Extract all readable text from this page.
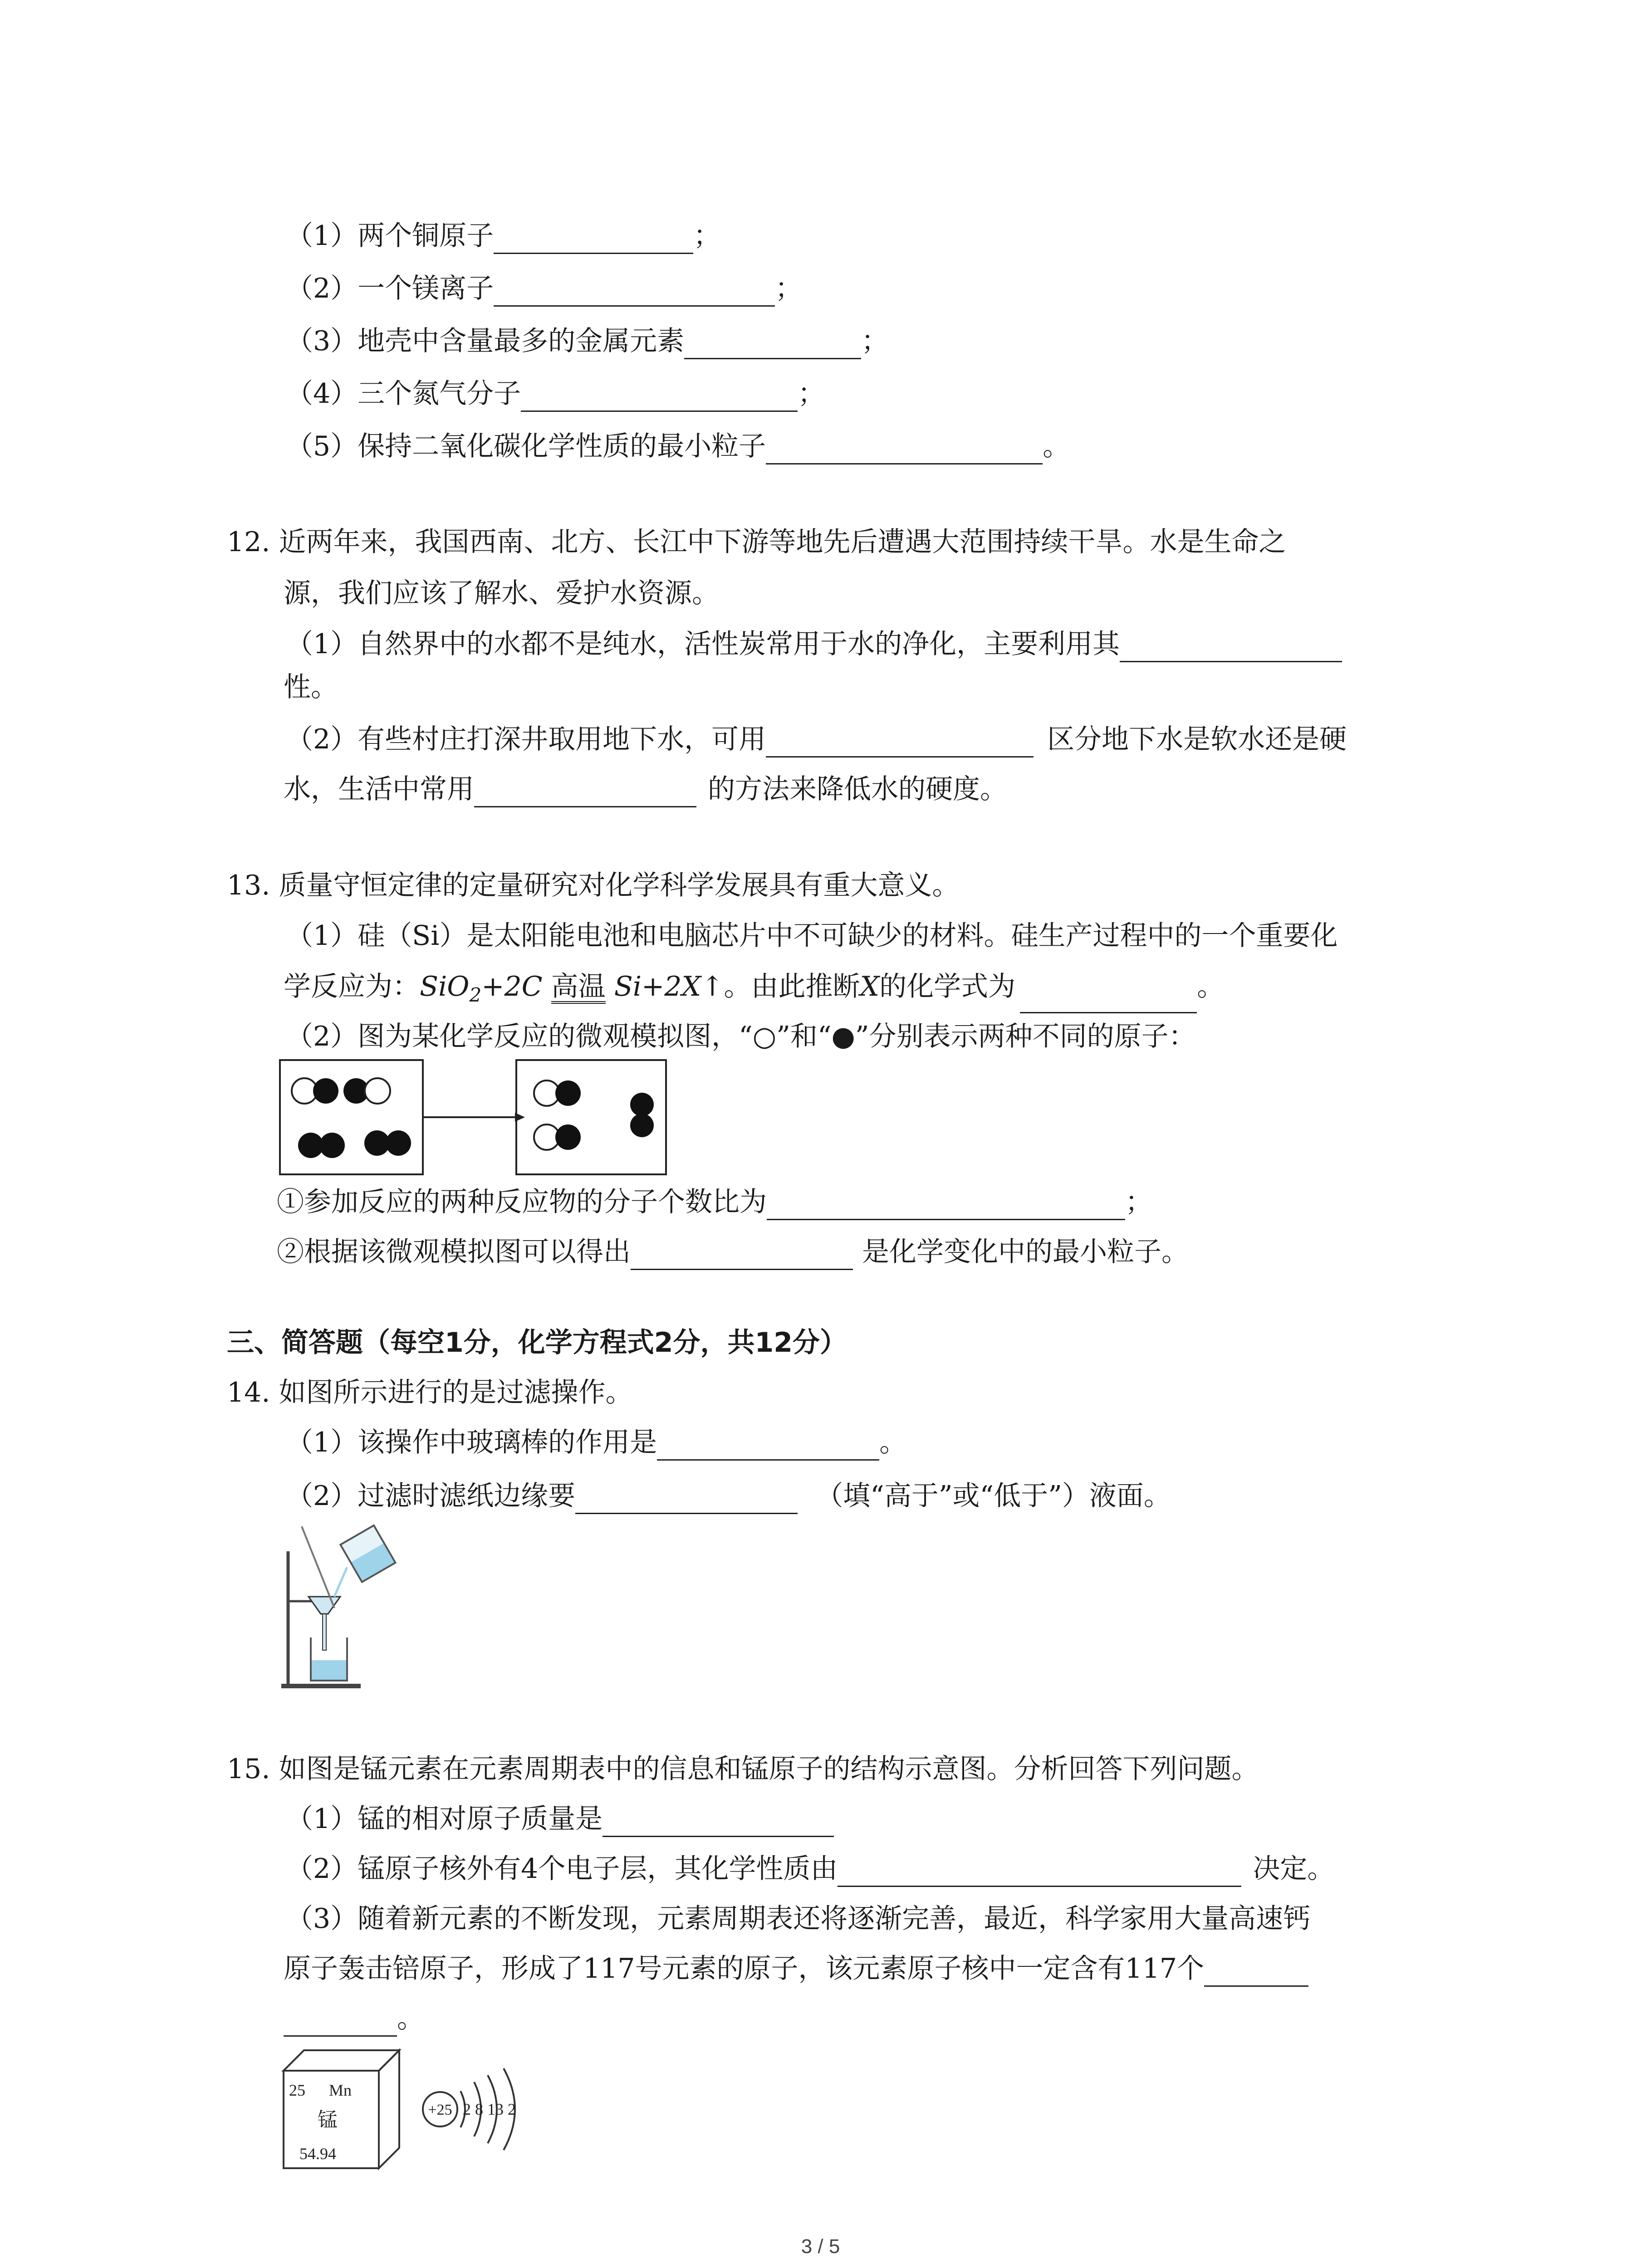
（1）两个铜原子	；
（2）一个镁离子	；
（3）地壳中含量最多的金属元素	；
（4）三个氮气分子	；
（5）保持二氧化碳化学性质的最小粒子	。
12. 近两年来，我国西南、北方、长江中下游等地先后遭遇大范围持续干旱。水是生命之
源，我们应该了解水、爱护水资源。
（1）自然界中的水都不是纯水，活性炭常用于水的净化，主要利用其
性。
（2）有些村庄打深井取用地下水，可用	区分地下水是软水还是硬
水，生活中常用	的方法来降低水的硬度。
13. 质量守恒定律的定量研究对化学科学发展具有重大意义。
（1）硅（Si）是太阳能电池和电脑芯片中不可缺少的材料。硅生产过程中的一个重要化
学反应为：SiO$_2$+2C 高温 Si+2X↑。由此推断X的化学式为	。
（2）图为某化学反应的微观模拟图，“○”和“●”分别表示两种不同的原子：
①参加反应的两种反应物的分子个数比为	；
②根据该微观模拟图可以得出	是化学变化中的最小粒子。
三、简答题（每空1分，化学方程式2分，共12分）
14. 如图所示进行的是过滤操作。
（1）该操作中玻璃棒的作用是	。
（2）过滤时滤纸边缘要	（填“高于”或“低于”）液面。
15. 如图是锰元素在元素周期表中的信息和锰原子的结构示意图。分析回答下列问题。
（1）锰的相对原子质量是
（2）锰原子核外有4个电子层，其化学性质由	决定。
（3）随着新元素的不断发现，元素周期表还将逐渐完善，最近，科学家用大量高速钙
原子轰击锫原子，形成了117号元素的原子，该元素原子核中一定含有117个
。
25 Mn
锰
54.94
+25 2 8 13 2
3 / 5
